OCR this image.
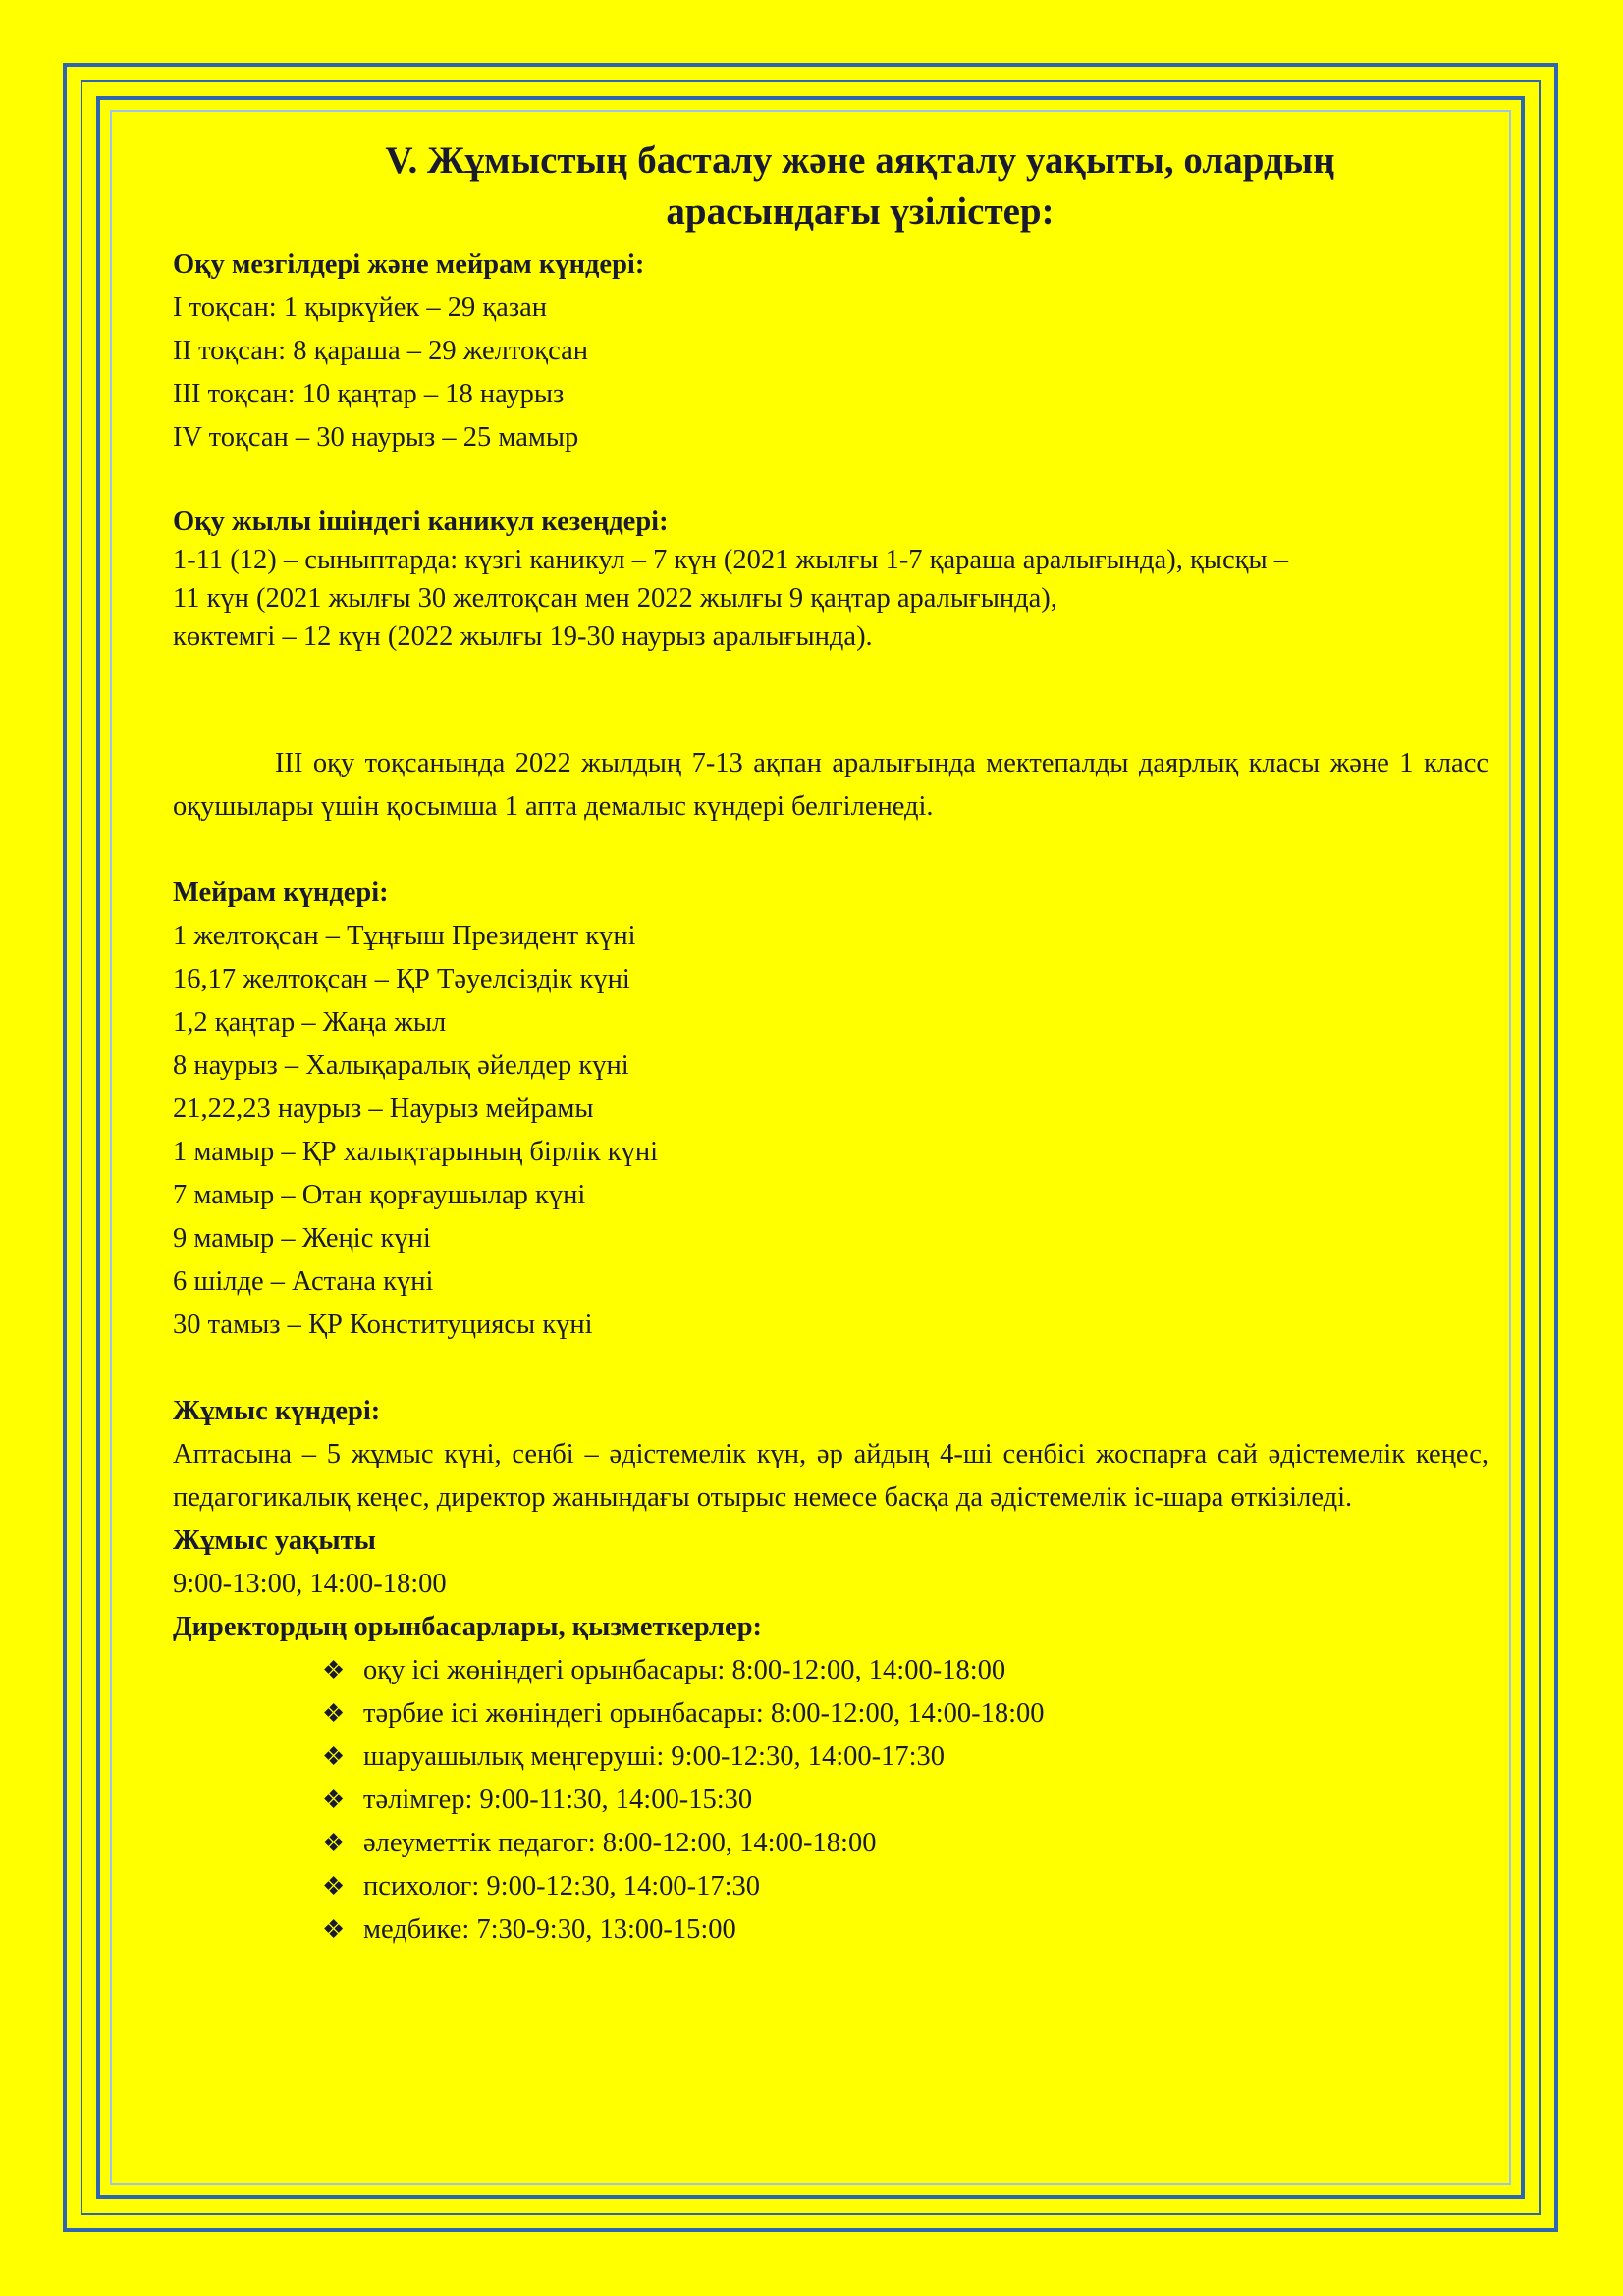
V. Жұмыстың басталу және аяқталу уақыты, олардың
арасындағы үзілістер:
Оқу мезгілдері және мейрам күндері:
I тоқсан: 1 қыркүйек – 29 қазан
II тоқсан: 8 қараша – 29 желтоқсан
III тоқсан: 10 қаңтар – 18 наурыз
IV тоқсан – 30 наурыз – 25 мамыр
Оқу жылы ішіндегі каникул кезеңдері:
1-11 (12) – сыныптарда: күзгі каникул – 7 күн (2021 жылғы 1-7 қараша аралығында), қысқы –
11 күн (2021 жылғы 30 желтоқсан мен 2022 жылғы 9 қаңтар аралығында),
көктемгі – 12 күн (2022 жылғы 19-30 наурыз аралығында).

III оқу тоқсанында 2022 жылдың 7-13 ақпан аралығында мектепалды даярлық класы және 1 класс оқушылары үшін қосымша 1 апта демалыс күндері белгіленеді.

Мейрам күндері:
1 желтоқсан – Тұңғыш Президент күні
16,17 желтоқсан – ҚР Тәуелсіздік күні
1,2 қаңтар – Жаңа жыл
8 наурыз – Халықаралық әйелдер күні
21,22,23 наурыз – Наурыз мейрамы
1 мамыр – ҚР халықтарының бірлік күні
7 мамыр – Отан қорғаушылар күні
9 мамыр – Жеңіс күні
6 шілде – Астана күні
30 тамыз – ҚР Конституциясы күні
Жұмыс күндері:

Аптасына – 5 жұмыс күні, сенбі – әдістемелік күн, әр айдың 4-ші сенбісі жоспарға сай әдістемелік кеңес, педагогикалық кеңес, директор жанындағы отырыс немесе басқа да әдістемелік іс-шара өткізіледі.

Жұмыс уақыты
9:00-13:00, 14:00-18:00
Директордың орынбасарлары, қызметкерлер:
❖ оқу ісі жөніндегі орынбасары: 8:00-12:00, 14:00-18:00
❖ тәрбие ісі жөніндегі орынбасары: 8:00-12:00, 14:00-18:00
❖ шаруашылық меңгеруші: 9:00-12:30, 14:00-17:30
❖ тәлімгер: 9:00-11:30, 14:00-15:30
❖ әлеуметтік педагог: 8:00-12:00, 14:00-18:00
❖ психолог: 9:00-12:30, 14:00-17:30
❖ медбике: 7:30-9:30, 13:00-15:00
